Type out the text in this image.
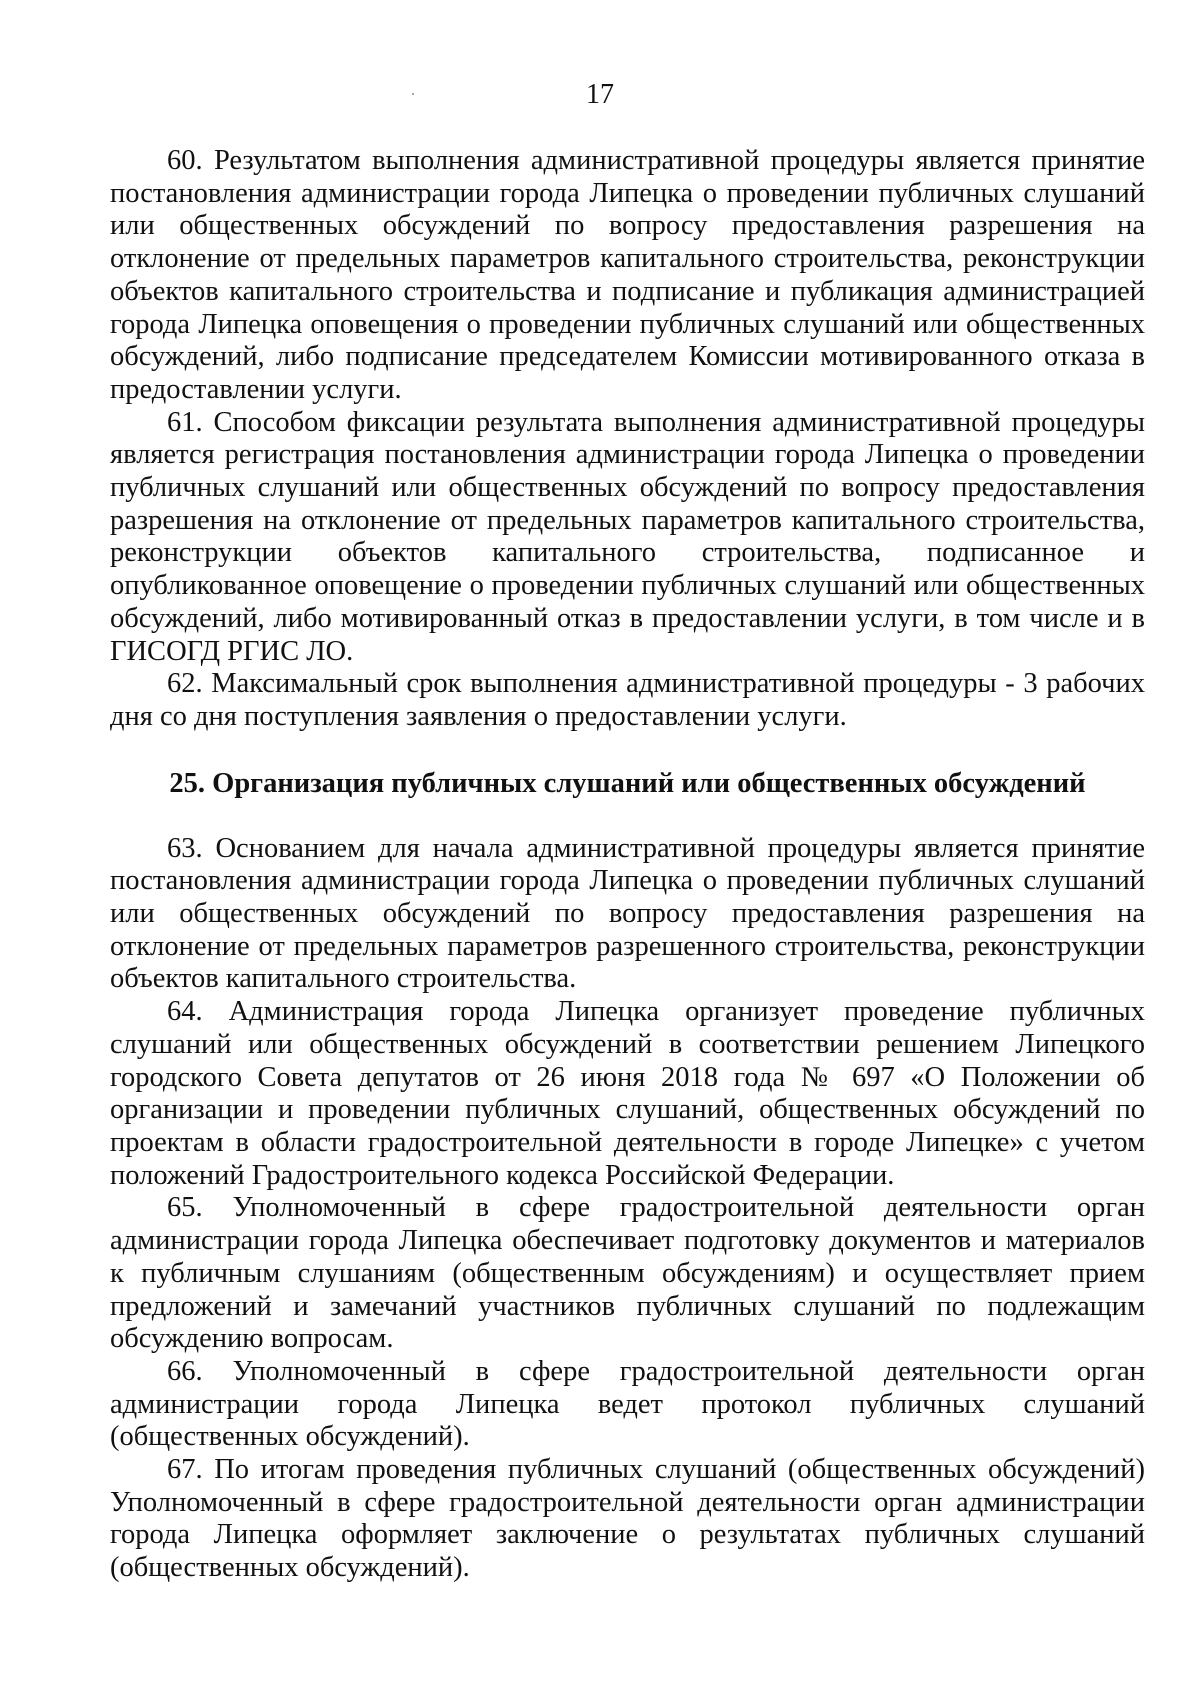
17

60. Результатом выполнения административной процедуры является принятие постановления администрации города Липецка о проведении публичных слушаний или общественных обсуждений по вопросу предоставления разрешения на отклонение от предельных параметров капитального строительства, реконструкции объектов капитального строительства и подписание и публикация администрацией города Липецка оповещения о проведении публичных слушаний или общественных обсуждений, либо подписание председателем Комиссии мотивированного отказа в предоставлении услуги.

61. Способом фиксации результата выполнения административной процедуры является регистрация постановления администрации города Липецка о проведении публичных слушаний или общественных обсуждений по вопросу предоставления разрешения на отклонение от предельных параметров капитального строительства, реконструкции объектов капитального строительства, подписанное и опубликованное оповещение о проведении публичных слушаний или общественных обсуждений, либо мотивированный отказ в предоставлении услуги, в том числе и в ГИСОГД РГИС ЛО.

62. Максимальный срок выполнения административной процедуры - 3 рабочих дня со дня поступления заявления о предоставлении услуги.

25. Организация публичных слушаний или общественных обсуждений

63. Основанием для начала административной процедуры является принятие постановления администрации города Липецка о проведении публичных слушаний или общественных обсуждений по вопросу предоставления разрешения на отклонение от предельных параметров разрешенного строительства, реконструкции объектов капитального строительства.

64. Администрация города Липецка организует проведение публичных слушаний или общественных обсуждений в соответствии решением Липецкого городского Совета депутатов от 26 июня 2018 года № 697 «О Положении об организации и проведении публичных слушаний, общественных обсуждений по проектам в области градостроительной деятельности в городе Липецке» с учетом положений Градостроительного кодекса Российской Федерации.

65. Уполномоченный в сфере градостроительной деятельности орган администрации города Липецка обеспечивает подготовку документов и материалов к публичным слушаниям (общественным обсуждениям) и осуществляет прием предложений и замечаний участников публичных слушаний по подлежащим обсуждению вопросам.

66. Уполномоченный в сфере градостроительной деятельности орган администрации города Липецка ведет протокол публичных слушаний (общественных обсуждений).

67. По итогам проведения публичных слушаний (общественных обсуждений) Уполномоченный в сфере градостроительной деятельности орган администрации города Липецка оформляет заключение о результатах публичных слушаний (общественных обсуждений).
